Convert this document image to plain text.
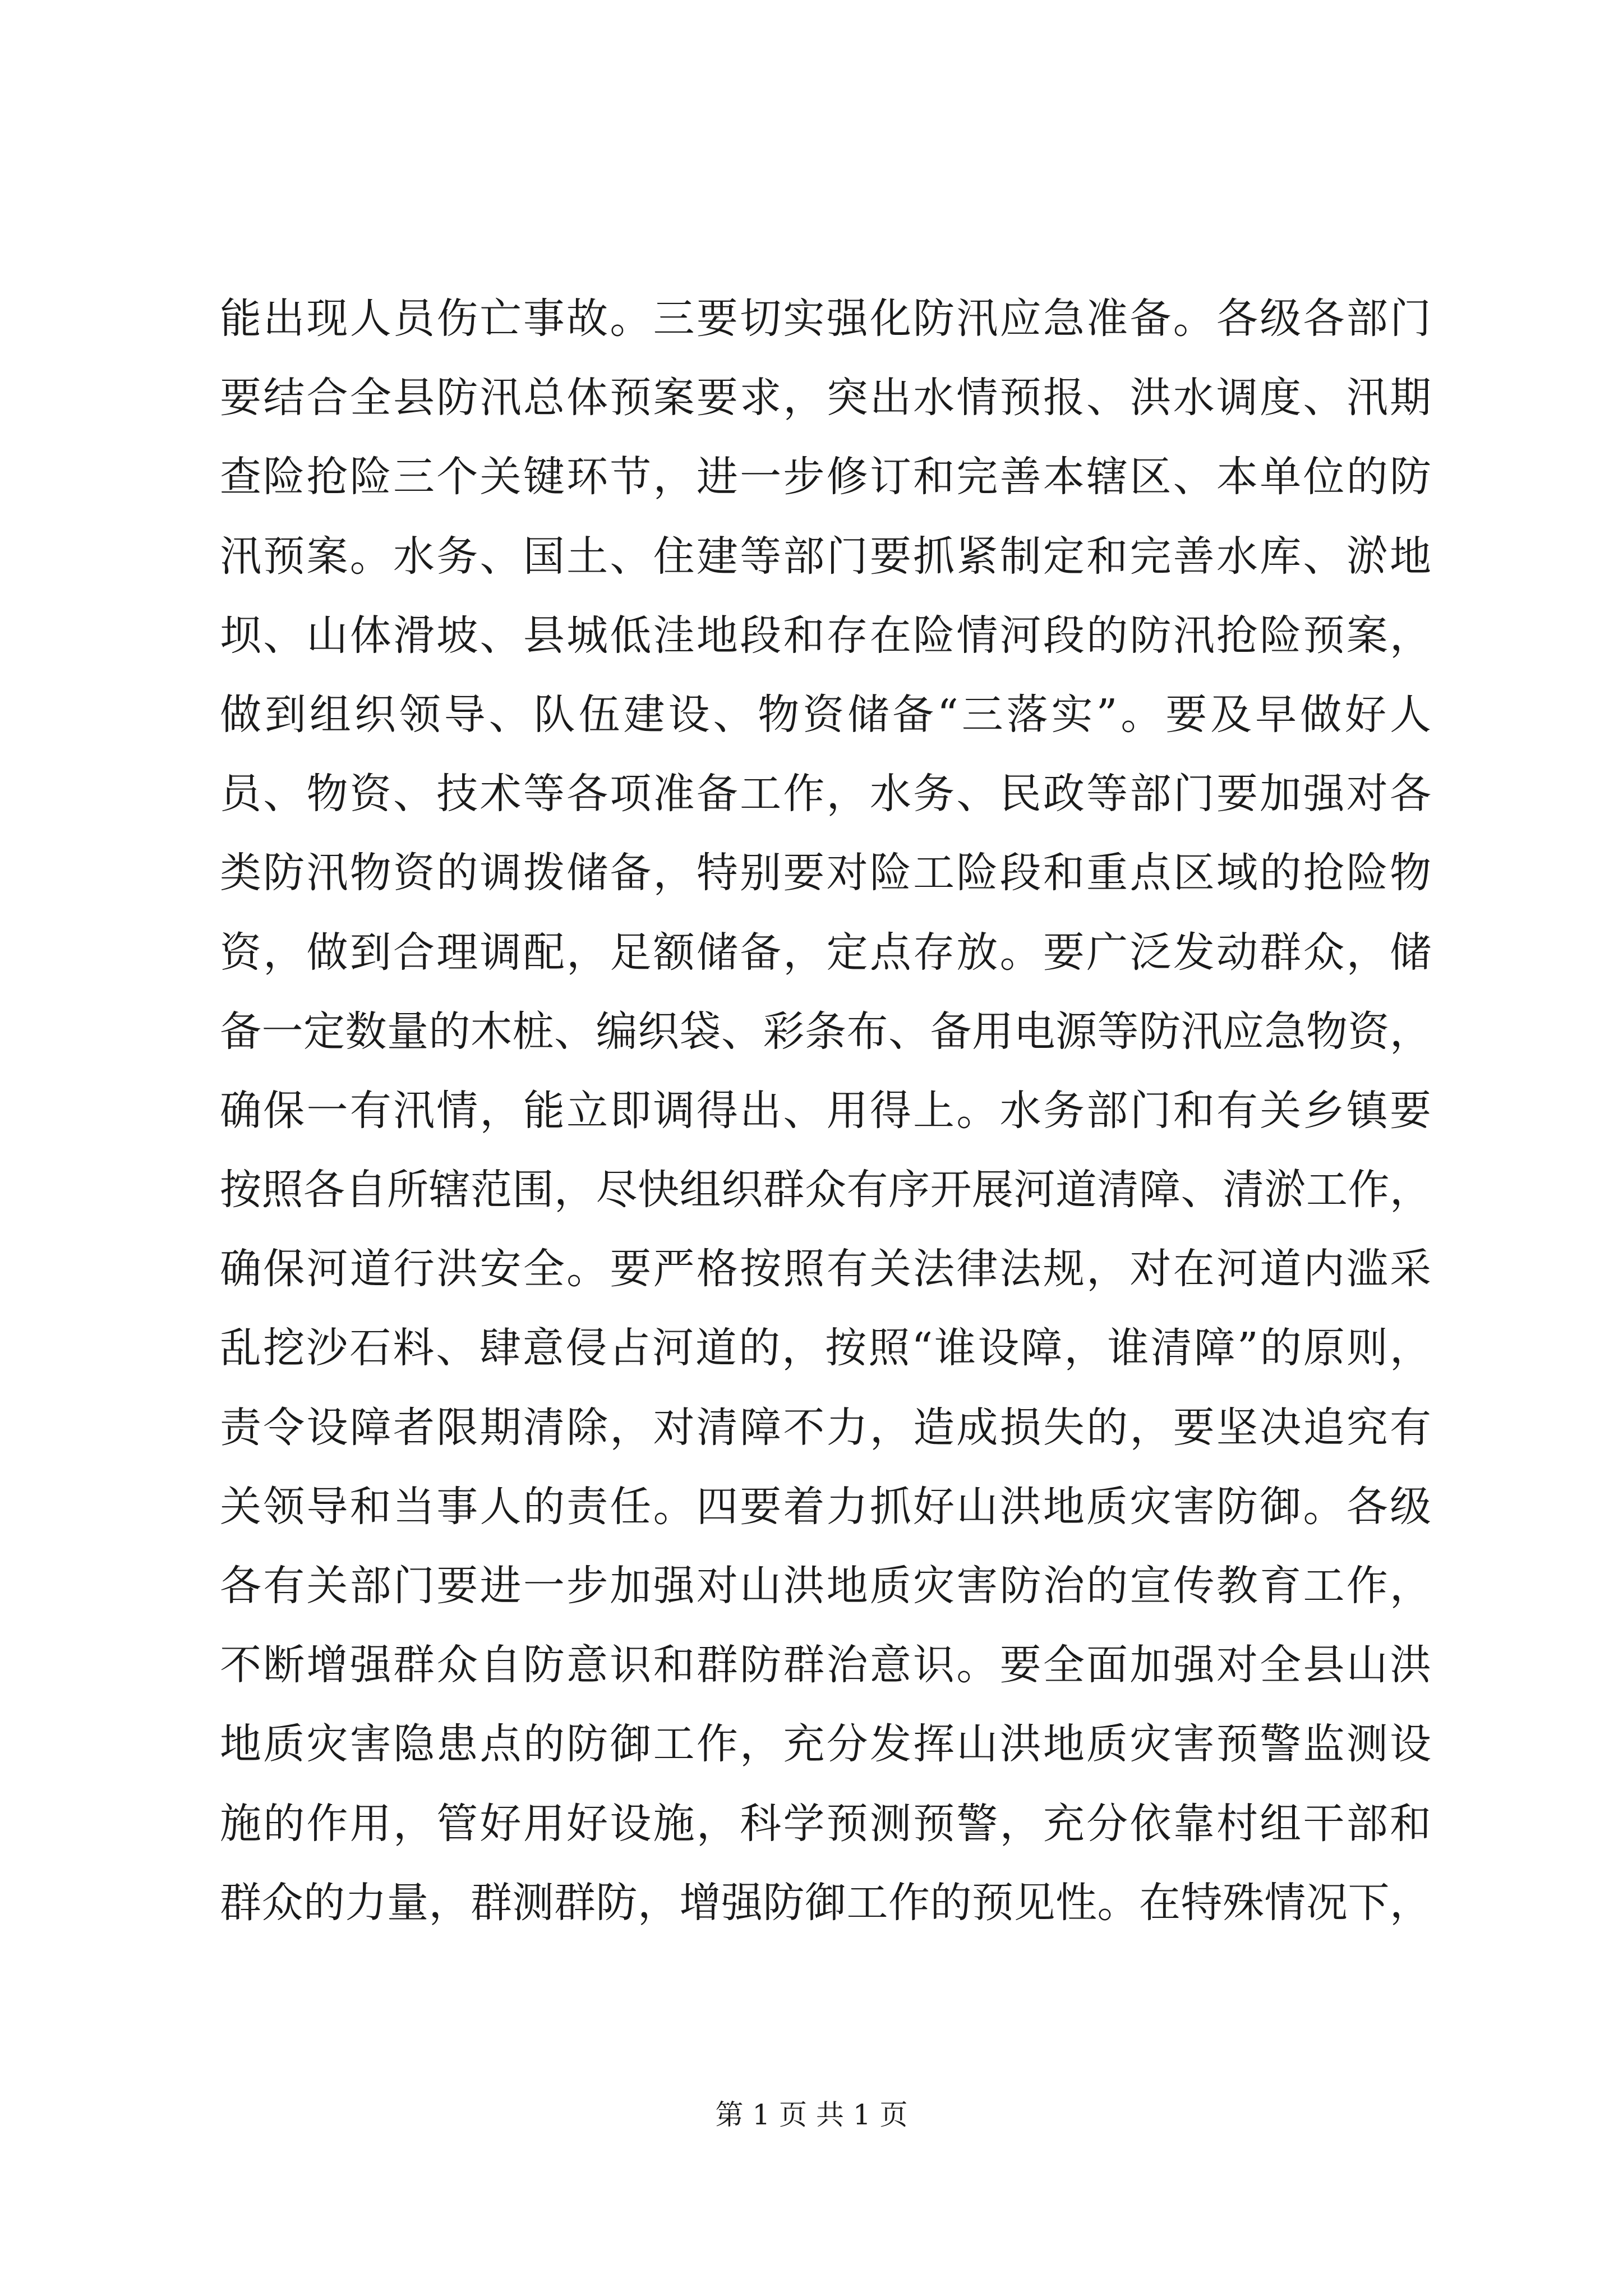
能出现人员伤亡事故。三要切实强化防汛应急准备。各级各部门
要结合全县防汛总体预案要求，突出水情预报、洪水调度、汛期
查险抢险三个关键环节，进一步修订和完善本辖区、本单位的防
汛预案。水务、国土、住建等部门要抓紧制定和完善水库、淤地
坝、山体滑坡、县城低洼地段和存在险情河段的防汛抢险预案，
做到组织领导、队伍建设、物资储备“三落实”。要及早做好人
员、物资、技术等各项准备工作，水务、民政等部门要加强对各
类防汛物资的调拨储备，特别要对险工险段和重点区域的抢险物
资，做到合理调配，足额储备，定点存放。要广泛发动群众，储
备一定数量的木桩、编织袋、彩条布、备用电源等防汛应急物资，
确保一有汛情，能立即调得出、用得上。水务部门和有关乡镇要
按照各自所辖范围，尽快组织群众有序开展河道清障、清淤工作，
确保河道行洪安全。要严格按照有关法律法规，对在河道内滥采
乱挖沙石料、肆意侵占河道的，按照“谁设障，谁清障”的原则，
责令设障者限期清除，对清障不力，造成损失的，要坚决追究有
关领导和当事人的责任。四要着力抓好山洪地质灾害防御。各级
各有关部门要进一步加强对山洪地质灾害防治的宣传教育工作，
不断增强群众自防意识和群防群治意识。要全面加强对全县山洪
地质灾害隐患点的防御工作，充分发挥山洪地质灾害预警监测设
施的作用，管好用好设施，科学预测预警，充分依靠村组干部和
群众的力量，群测群防，增强防御工作的预见性。在特殊情况下，
第 1 页 共 1 页
